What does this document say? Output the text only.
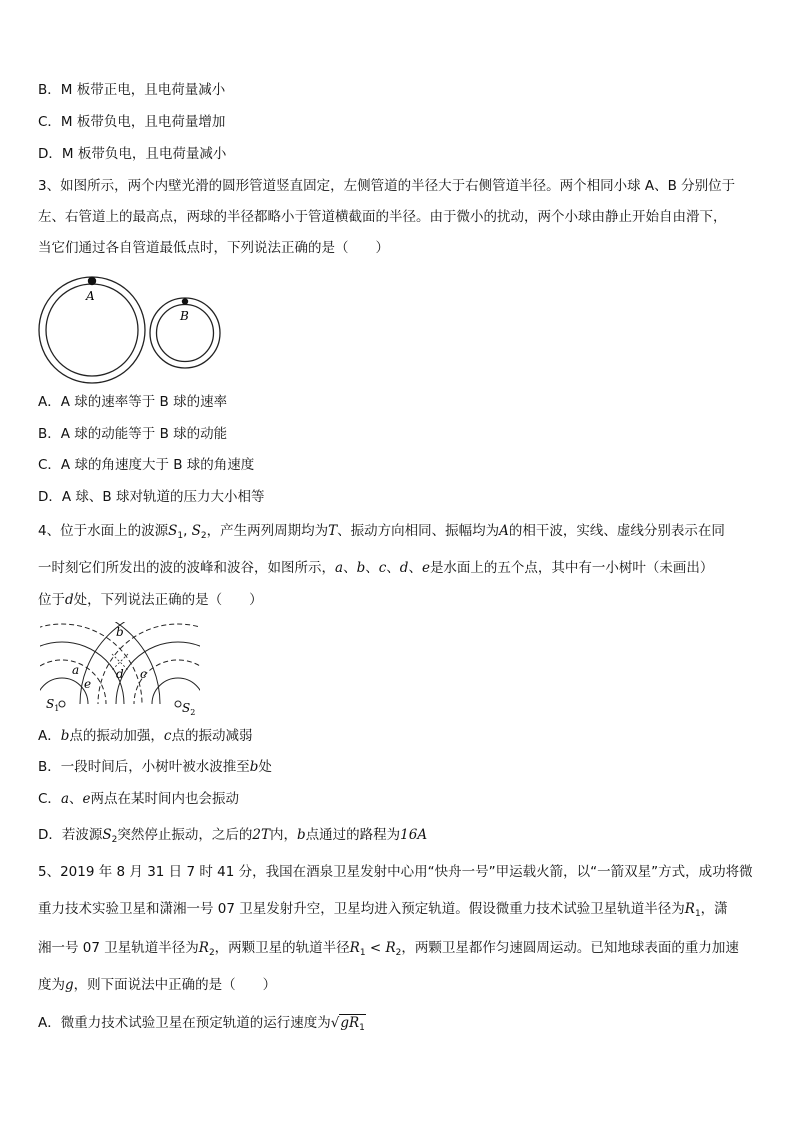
B．M 板带正电，且电荷量减小
C．M 板带负电，且电荷量增加
D．M 板带负电，且电荷量减小
3、如图所示，两个内壁光滑的圆形管道竖直固定，左侧管道的半径大于右侧管道半径。两个相同小球 A、B 分别位于
左、右管道上的最高点，两球的半径都略小于管道横截面的半径。由于微小的扰动，两个小球由静止开始自由滑下，
当它们通过各自管道最低点时，下列说法正确的是（　　）
A
B
A．A 球的速率等于 B 球的速率
B．A 球的动能等于 B 球的动能
C．A 球的角速度大于 B 球的角速度
D．A 球、B 球对轨道的压力大小相等
4、位于水面上的波源$S_1$, $S_2$，产生两列周期均为T、振动方向相同、振幅均为A的相干波，实线、虚线分别表示在同
一时刻它们所发出的波的波峰和波谷，如图所示，a、b、c、d、e是水面上的五个点，其中有一小树叶（未画出）
位于d处，下列说法正确的是（　　）
b
a
e
d c
$S_1$	$S_2$
A．b点的振动加强，c点的振动减弱
B．一段时间后，小树叶被水波推至b处
C．a、e两点在某时间内也会振动
D．若波源$S_2$突然停止振动，之后的2T内，b点通过的路程为16A
5、2019 年 8 月 31 日 7 时 41 分，我国在酒泉卫星发射中心用“快舟一号”甲运载火箭，以“一箭双星”方式，成功将微
重力技术实验卫星和潇湘一号 07 卫星发射升空，卫星均进入预定轨道。假设微重力技术试验卫星轨道半径为$R_1$，潇
湘一号 07 卫星轨道半径为$R_2$，两颗卫星的轨道半径$R_1 < R_2$，两颗卫星都作匀速圆周运动。已知地球表面的重力加速
度为g，则下面说法中正确的是（　　）
A．微重力技术试验卫星在预定轨道的运行速度为$√gR_1$
